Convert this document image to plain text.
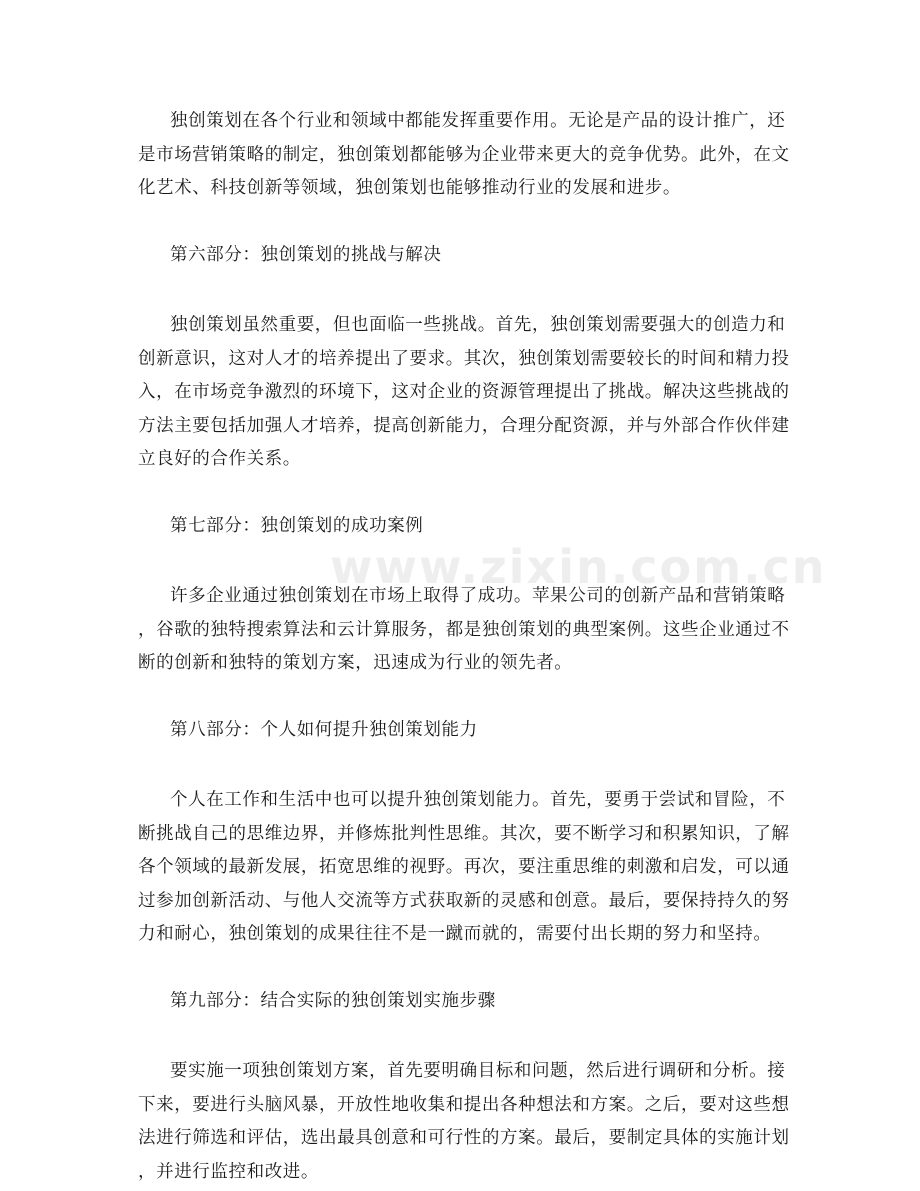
www.zixin.com.cn
独创策划在各个行业和领域中都能发挥重要作用。无论是产品的设计推广，还
是市场营销策略的制定，独创策划都能够为企业带来更大的竞争优势。此外，在文
化艺术、科技创新等领域，独创策划也能够推动行业的发展和进步。
第六部分：独创策划的挑战与解决
独创策划虽然重要，但也面临一些挑战。首先，独创策划需要强大的创造力和
创新意识，这对人才的培养提出了要求。其次，独创策划需要较长的时间和精力投
入，在市场竞争激烈的环境下，这对企业的资源管理提出了挑战。解决这些挑战的
方法主要包括加强人才培养，提高创新能力，合理分配资源，并与外部合作伙伴建
立良好的合作关系。
第七部分：独创策划的成功案例
许多企业通过独创策划在市场上取得了成功。苹果公司的创新产品和营销策略
，谷歌的独特搜索算法和云计算服务，都是独创策划的典型案例。这些企业通过不
断的创新和独特的策划方案，迅速成为行业的领先者。
第八部分：个人如何提升独创策划能力
个人在工作和生活中也可以提升独创策划能力。首先，要勇于尝试和冒险，不
断挑战自己的思维边界，并修炼批判性思维。其次，要不断学习和积累知识，了解
各个领域的最新发展，拓宽思维的视野。再次，要注重思维的刺激和启发，可以通
过参加创新活动、与他人交流等方式获取新的灵感和创意。最后，要保持持久的努
力和耐心，独创策划的成果往往不是一蹴而就的，需要付出长期的努力和坚持。
第九部分：结合实际的独创策划实施步骤
要实施一项独创策划方案，首先要明确目标和问题，然后进行调研和分析。接
下来，要进行头脑风暴，开放性地收集和提出各种想法和方案。之后，要对这些想
法进行筛选和评估，选出最具创意和可行性的方案。最后，要制定具体的实施计划
，并进行监控和改进。
